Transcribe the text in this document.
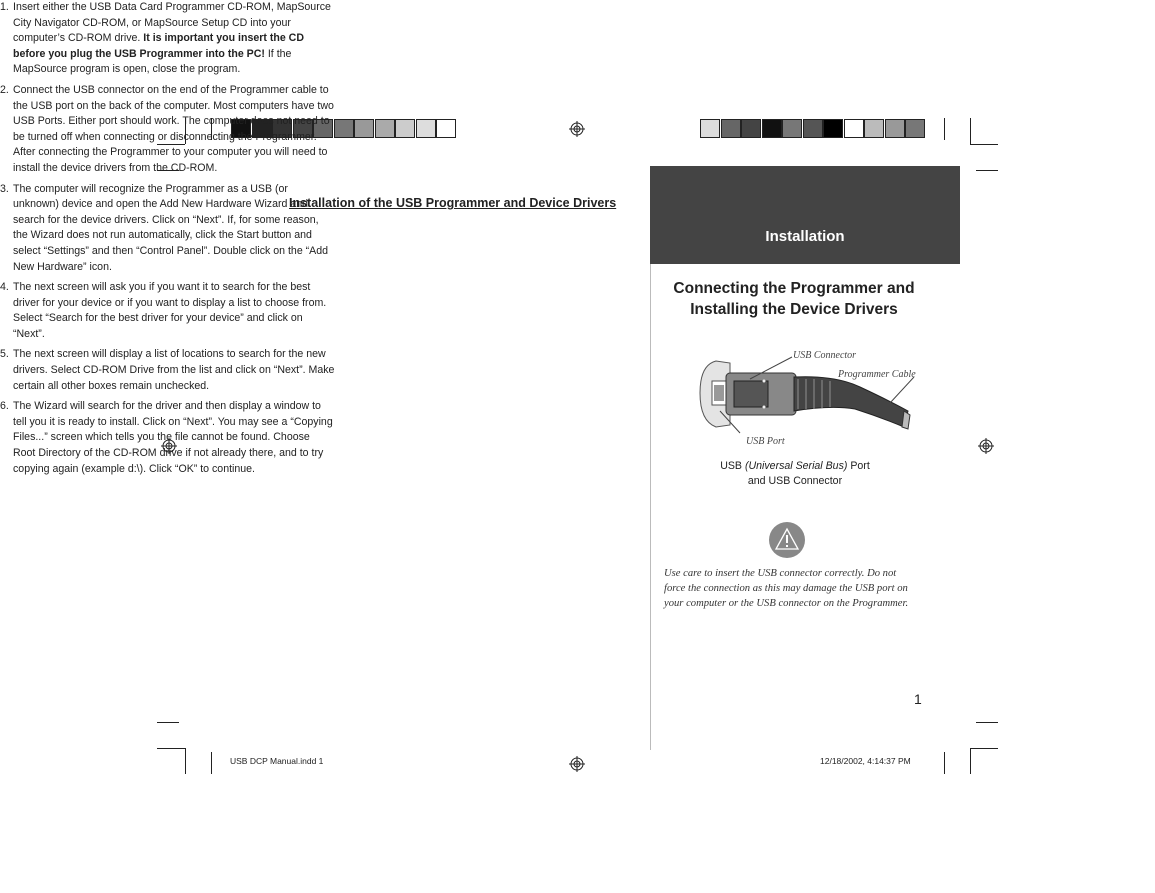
Installation of the USB Programmer and Device Drivers
1. Insert either the USB Data Card Programmer CD-ROM, MapSource City Navigator CD-ROM, or MapSource Setup CD into your computer’s CD-ROM drive. It is important you insert the CD before you plug the USB Programmer into the PC! If the MapSource program is open, close the program.
2. Connect the USB connector on the end of the Programmer cable to the USB port on the back of the computer. Most computers have two USB Ports. Either port should work. The computer does not need to be turned off when connecting or disconnecting the Programmer. After connecting the Programmer to your computer you will need to install the device drivers from the CD-ROM.
3. The computer will recognize the Programmer as a USB (or unknown) device and open the Add New Hardware Wizard and search for the device drivers. Click on “Next”. If, for some reason, the Wizard does not run automatically, click the Start button and select “Settings” and then “Control Panel”. Double click on the “Add New Hardware” icon.
4. The next screen will ask you if you want it to search for the best driver for your device or if you want to display a list to choose from. Select “Search for the best driver for your device” and click on “Next”.
5. The next screen will display a list of locations to search for the new drivers. Select CD-ROM Drive from the list and click on “Next”. Make certain all other boxes remain unchecked.
6. The Wizard will search for the driver and then display a window to tell you it is ready to install. Click on “Next”. You may see a “Copying Files...” screen which tells you the file cannot be found. Choose Root Directory of the CD-ROM drive if not already there, and to try copying again (example d:\). Click “OK” to continue.
Installation
Connecting the Programmer and Installing the Device Drivers
USB Connector
Programmer Cable
USB Port
USB (Universal Serial Bus) Port
and USB Connector
Use care to insert the USB connector correctly. Do not force the connection as this may damage the USB port on your computer or the USB connector on the Programmer.
1
USB DCP Manual.indd 1	12/18/2002, 4:14:37 PM
